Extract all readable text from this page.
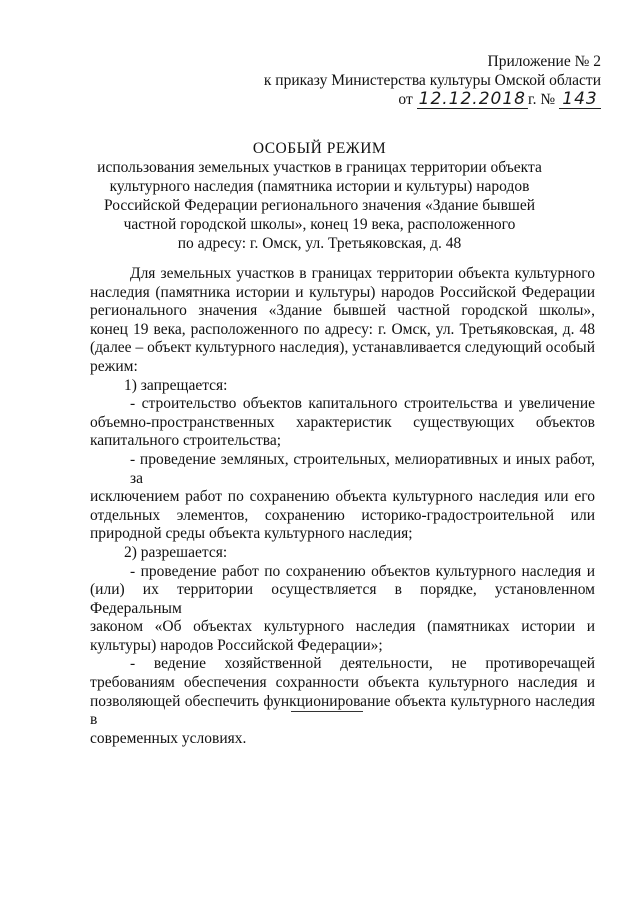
Приложение № 2
к приказу Министерства культуры Омской области
от 12.12.2018 г. № 143
ОСОБЫЙ РЕЖИМ
использования земельных участков в границах территории объекта
культурного наследия (памятника истории и культуры) народов
Российской Федерации регионального значения «Здание бывшей
частной городской школы», конец 19 века, расположенного
по адресу: г. Омск, ул. Третьяковская, д. 48
Для земельных участков в границах территории объекта культурного
наследия (памятника истории и культуры) народов Российской Федерации
регионального значения «Здание бывшей частной городской школы»,
конец 19 века, расположенного по адресу: г. Омск, ул. Третьяковская, д. 48
(далее – объект культурного наследия), устанавливается следующий особый
режим:
1) запрещается:
- строительство объектов капитального строительства и увеличение
объемно-пространственных характеристик существующих объектов
капитального строительства;
- проведение земляных, строительных, мелиоративных и иных работ, за
исключением работ по сохранению объекта культурного наследия или его
отдельных элементов, сохранению историко-градостроительной или
природной среды объекта культурного наследия;
2) разрешается:
- проведение работ по сохранению объектов культурного наследия и
(или) их территории осуществляется в порядке, установленном Федеральным
законом «Об объектах культурного наследия (памятниках истории и
культуры) народов Российской Федерации»;
- ведение хозяйственной деятельности, не противоречащей
требованиям обеспечения сохранности объекта культурного наследия и
позволяющей обеспечить функционирование объекта культурного наследия в
современных условиях.
